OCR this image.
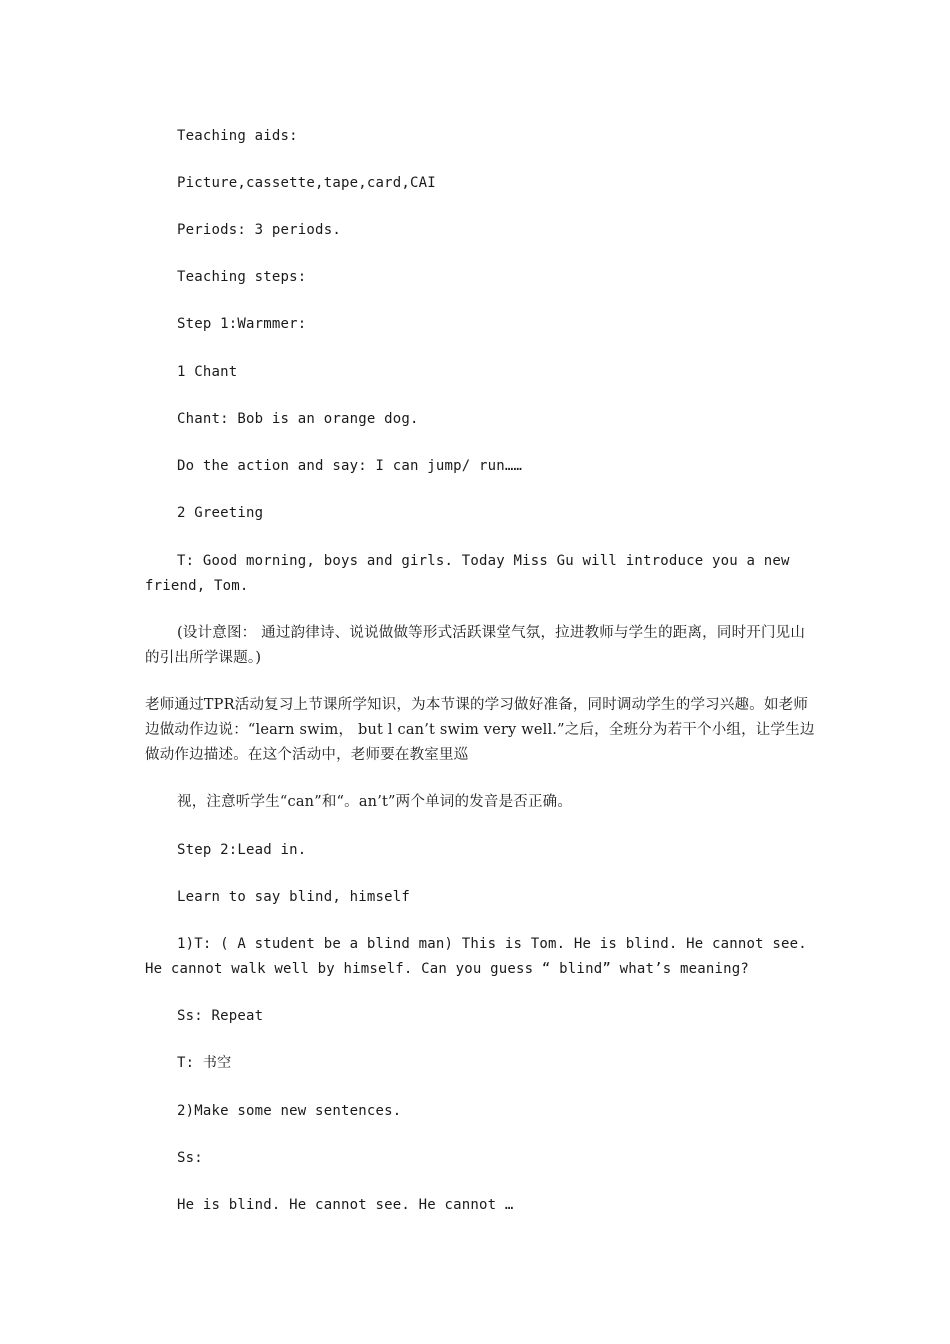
Teaching aids:

Picture,cassette,tape,card,CAI

Periods: 3 periods.

Teaching steps:

Step 1:Warmmer:

1 Chant

Chant: Bob is an orange dog.

Do the action and say: I can jump/ run……

2 Greeting

T: Good morning, boys and girls. Today Miss Gu will introduce you a new friend, Tom.

(设计意图： 通过韵律诗、说说做做等形式活跃课堂气氛，拉进教师与学生的距离，同时开门见山的引出所学课题。)

老师通过TPR活动复习上节课所学知识，为本节课的学习做好准备，同时调动学生的学习兴趣。如老师边做动作边说：“learn swim， but l can’t swim very well.”之后，全班分为若干个小组，让学生边做动作边描述。在这个活动中，老师要在教室里巡

视，注意听学生“can”和“。an’t”两个单词的发音是否正确。

Step 2:Lead in.

Learn to say blind, himself

1)T: ( A student be a blind man) This is Tom. He is blind. He cannot see. He cannot walk well by himself. Can you guess “ blind” what’s meaning?

Ss: Repeat

T: 书空

2)Make some new sentences.

Ss:

He is blind. He cannot see. He cannot …
